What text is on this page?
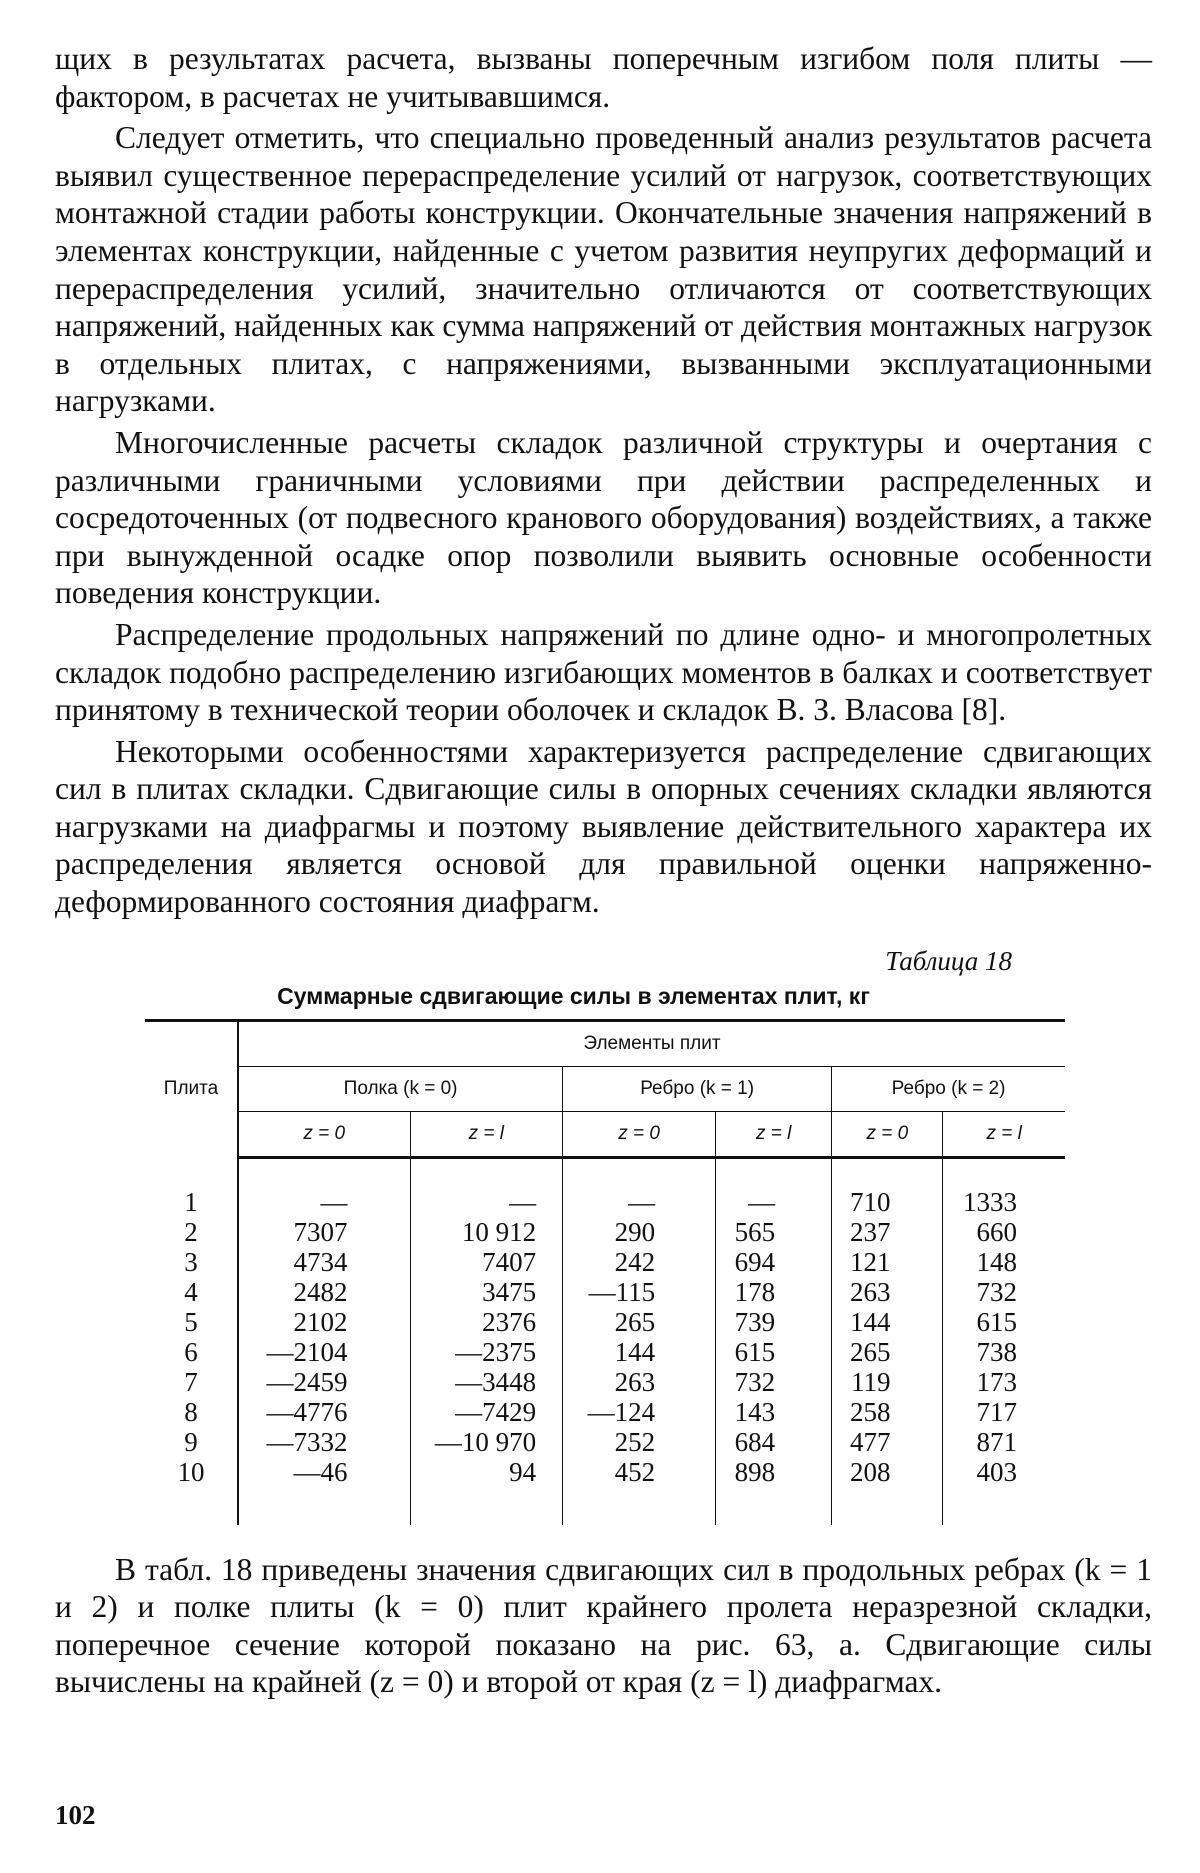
щих в результатах расчета, вызваны поперечным изгибом поля плиты — фактором, в расчетах не учитывавшимся.

Следует отметить, что специально проведенный анализ результатов расчета выявил существенное перераспределение усилий от нагрузок, соответствующих монтажной стадии работы конструкции. Окончательные значения напряжений в элементах конструкции, найденные с учетом развития неупругих деформаций и перераспределения усилий, значительно отличаются от соответствующих напряжений, найденных как сумма напряжений от действия монтажных нагрузок в отдельных плитах, с напряжениями, вызванными эксплуатационными нагрузками.

Многочисленные расчеты складок различной структуры и очертания с различными граничными условиями при действии распределенных и сосредоточенных (от подвесного кранового оборудования) воздействиях, а также при вынужденной осадке опор позволили выявить основные особенности поведения конструкции.

Распределение продольных напряжений по длине одно- и многопролетных складок подобно распределению изгибающих моментов в балках и соответствует принятому в технической теории оболочек и складок В. З. Власова [8].

Некоторыми особенностями характеризуется распределение сдвигающих сил в плитах складки. Сдвигающие силы в опорных сечениях складки являются нагрузками на диафрагмы и поэтому выявление действительного характера их распределения является основой для правильной оценки напряженно-деформированного состояния диафрагм.

Таблица 18
Суммарные сдвигающие силы в элементах плит, кг
Плита	Элементы плит					
	Полка (k = 0)		Ребро (k = 1)		Ребро (k = 2)	
	z = 0	z = l	z = 0	z = l	z = 0	z = l

1	—	—	—	—	710	1333
2	7307	10 912	290	565	237	660
3	4734	7407	242	694	121	148
4	2482	3475	—115	178	263	732
5	2102	2376	265	739	144	615
6	—2104	—2375	144	615	265	738
7	—2459	—3448	263	732	119	173
8	—4776	—7429	—124	143	258	717
9	—7332	—10 970	252	684	477	871
10	—46	94	452	898	208	403

В табл. 18 приведены значения сдвигающих сил в продольных ребрах (k = 1 и 2) и полке плиты (k = 0) плит крайнего пролета неразрезной складки, поперечное сечение которой показано на рис. 63, а. Сдвигающие силы вычислены на крайней (z = 0) и второй от края (z = l) диафрагмах.

102
